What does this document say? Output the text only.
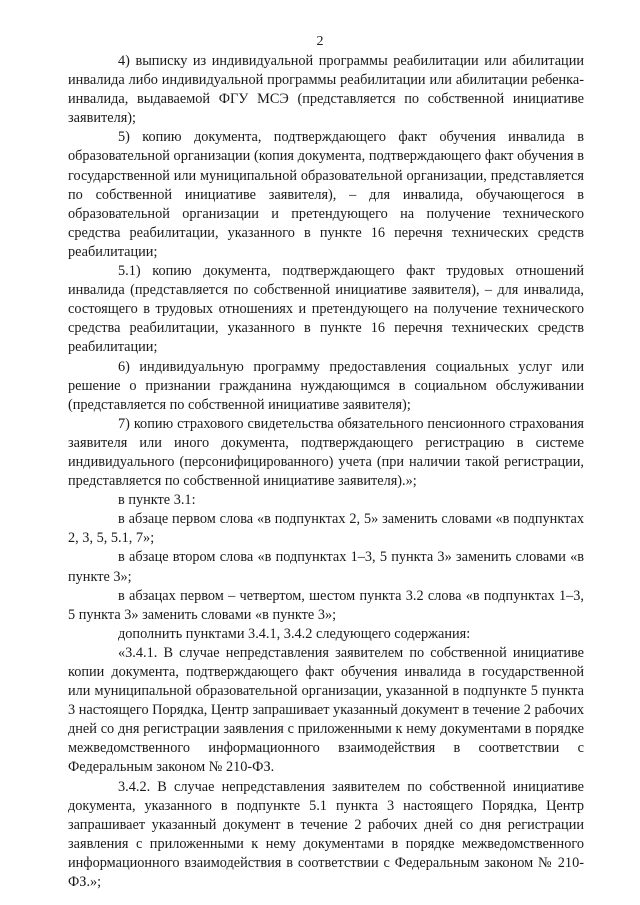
2

4) выписку из индивидуальной программы реабилитации или абилитации инвалида либо индивидуальной программы реабилитации или абилитации ребенка-инвалида, выдаваемой ФГУ МСЭ (представляется по собственной инициативе заявителя);

5) копию документа, подтверждающего факт обучения инвалида в образовательной организации (копия документа, подтверждающего факт обучения в государственной или муниципальной образовательной организации, представляется по собственной инициативе заявителя), – для инвалида, обучающегося в образовательной организации и претендующего на получение технического средства реабилитации, указанного в пункте 16 перечня технических средств реабилитации;

5.1) копию документа, подтверждающего факт трудовых отношений инвалида (представляется по собственной инициативе заявителя), – для инвалида, состоящего в трудовых отношениях и претендующего на получение технического средства реабилитации, указанного в пункте 16 перечня технических средств реабилитации;

6) индивидуальную программу предоставления социальных услуг или решение о признании гражданина нуждающимся в социальном обслуживании (представляется по собственной инициативе заявителя);

7) копию страхового свидетельства обязательного пенсионного страхования заявителя или иного документа, подтверждающего регистрацию в системе индивидуального (персонифицированного) учета (при наличии такой регистрации, представляется по собственной инициативе заявителя).»;

в пункте 3.1:

в абзаце первом слова «в подпунктах 2, 5» заменить словами «в подпунктах 2, 3, 5, 5.1, 7»;

в абзаце втором слова «в подпунктах 1–3, 5 пункта 3» заменить словами «в пункте 3»;

в абзацах первом – четвертом, шестом пункта 3.2 слова «в подпунктах 1–3, 5 пункта 3» заменить словами «в пункте 3»;

дополнить пунктами 3.4.1, 3.4.2 следующего содержания:

«3.4.1. В случае непредставления заявителем по собственной инициативе копии документа, подтверждающего факт обучения инвалида в государственной или муниципальной образовательной организации, указанной в подпункте 5 пункта 3 настоящего Порядка, Центр запрашивает указанный документ в течение 2 рабочих дней со дня регистрации заявления с приложенными к нему документами в порядке межведомственного информационного взаимодействия в соответствии с Федеральным законом № 210-ФЗ.

3.4.2. В случае непредставления заявителем по собственной инициативе документа, указанного в подпункте 5.1 пункта 3 настоящего Порядка, Центр запрашивает указанный документ в течение 2 рабочих дней со дня регистрации заявления с приложенными к нему документами в порядке межведомственного информационного взаимодействия в соответствии с Федеральным законом № 210-ФЗ.»;
